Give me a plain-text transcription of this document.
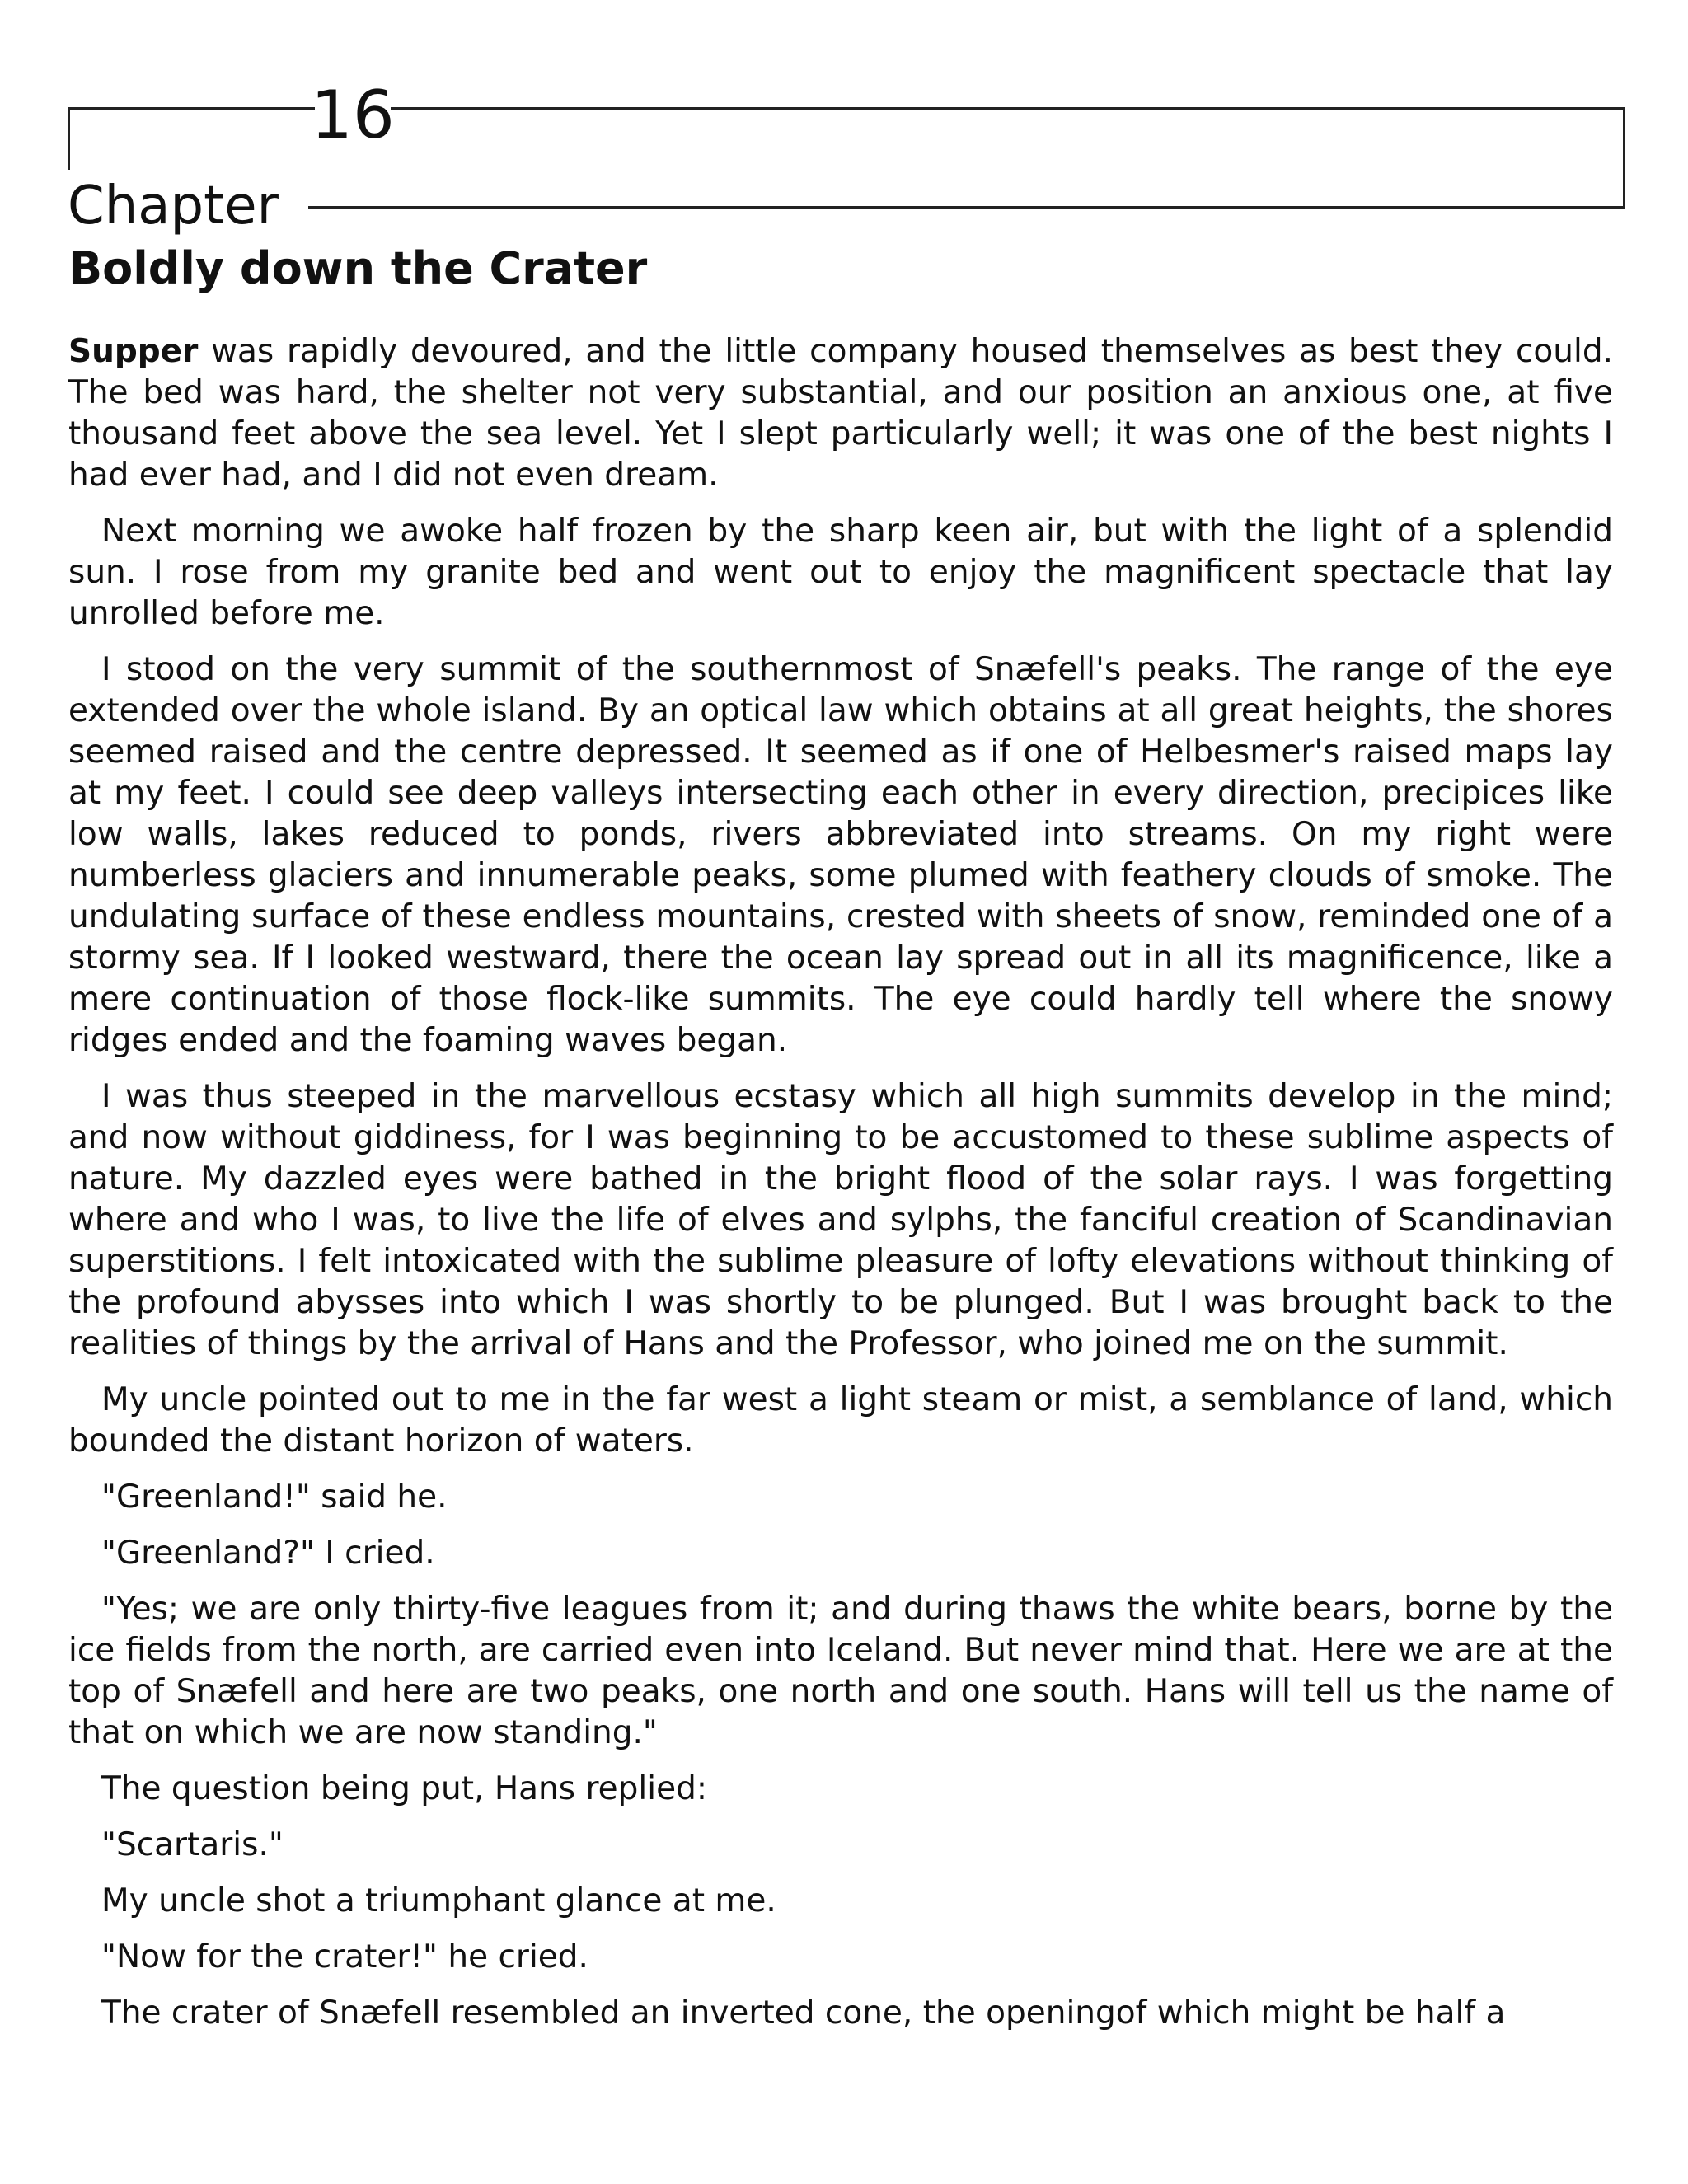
16
Chapter
Boldly down the Crater

Supper was rapidly devoured, and the little company housed themselves as best they could. The bed was hard, the shelter not very substantial, and our position an anxious one, at five thousand feet above the sea level. Yet I slept particularly well; it was one of the best nights I had ever had, and I did not even dream.

Next morning we awoke half frozen by the sharp keen air, but with the light of a splendid sun. I rose from my granite bed and went out to enjoy the magnificent spectacle that lay unrolled before me.

I stood on the very summit of the southernmost of Snæfell's peaks. The range of the eye extended over the whole island. By an optical law which obtains at all great heights, the shores seemed raised and the centre depressed. It seemed as if one of Helbesmer's raised maps lay at my feet. I could see deep valleys intersecting each other in every direction, precipices like low walls, lakes reduced to ponds, rivers abbreviated into streams. On my right were numberless glaciers and innumerable peaks, some plumed with feathery clouds of smoke. The undulating surface of these endless mountains, crested with sheets of snow, reminded one of a stormy sea. If I looked westward, there the ocean lay spread out in all its magnificence, like a mere continuation of those flock-like summits. The eye could hardly tell where the snowy ridges ended and the foaming waves began.

I was thus steeped in the marvellous ecstasy which all high summits develop in the mind; and now without giddiness, for I was beginning to be accustomed to these sublime aspects of nature. My dazzled eyes were bathed in the bright flood of the solar rays. I was forgetting where and who I was, to live the life of elves and sylphs, the fanciful creation of Scandinavian superstitions. I felt intoxicated with the sublime pleasure of lofty elevations without thinking of the profound abysses into which I was shortly to be plunged. But I was brought back to the realities of things by the arrival of Hans and the Professor, who joined me on the summit.

My uncle pointed out to me in the far west a light steam or mist, a semblance of land, which bounded the distant horizon of waters.

"Greenland!" said he.

"Greenland?" I cried.

"Yes; we are only thirty-five leagues from it; and during thaws the white bears, borne by the ice fields from the north, are carried even into Iceland. But never mind that. Here we are at the top of Snæfell and here are two peaks, one north and one south. Hans will tell us the name of that on which we are now standing."

The question being put, Hans replied:

"Scartaris."

My uncle shot a triumphant glance at me.

"Now for the crater!" he cried.

The crater of Snæfell resembled an inverted cone, the openingof which might be half a
